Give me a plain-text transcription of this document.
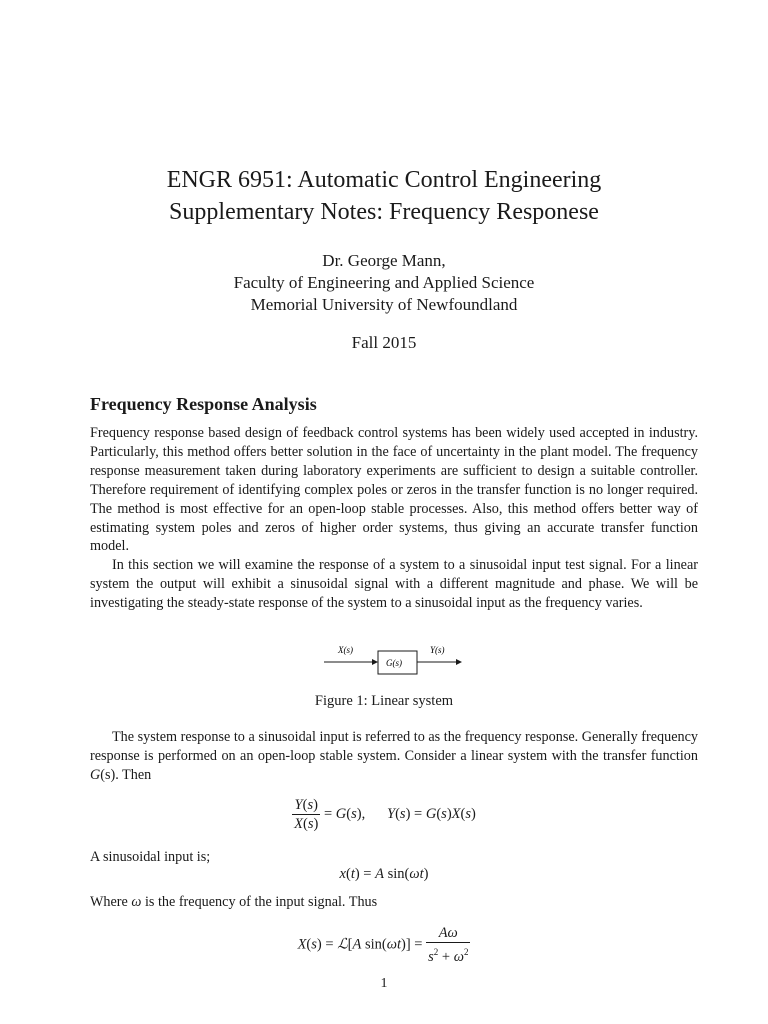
ENGR 6951: Automatic Control Engineering
Supplementary Notes: Frequency Responese
Dr. George Mann,
Faculty of Engineering and Applied Science
Memorial University of Newfoundland
Fall 2015
Frequency Response Analysis
Frequency response based design of feedback control systems has been widely used accepted in industry. Particularly, this method offers better solution in the face of uncertainty in the plant model. The frequency response measurement taken during laboratory experiments are sufficient to design a suitable controller. Therefore requirement of identifying complex poles or zeros in the transfer function is no longer required. The method is most effective for an open-loop stable processes. Also, this method offers better way of estimating system poles and zeros of higher order systems, thus giving an accurate transfer function model.
In this section we will examine the response of a system to a sinusoidal input test signal. For a linear system the output will exhibit a sinusoidal signal with a different magnitude and phase. We will be investigating the steady-state response of the system to a sinusoidal input as the frequency varies.
X(s)
G(s)
Y(s)
Figure 1: Linear system
The system response to a sinusoidal input is referred to as the frequency response. Generally frequency response is performed on an open-loop stable system. Consider a linear system with the transfer function G(s). Then
$\frac{Y(s)}{X(s)} = G(s)$,      Y(s) = G(s)X(s)
A sinusoidal input is;
x(t) = A sin(ωt)
Where ω is the frequency of the input signal. Thus
X(s) = ℒ[A $\sin(\omega t)] = \frac{A\omega}{s^2 + \omega^2}$
1
